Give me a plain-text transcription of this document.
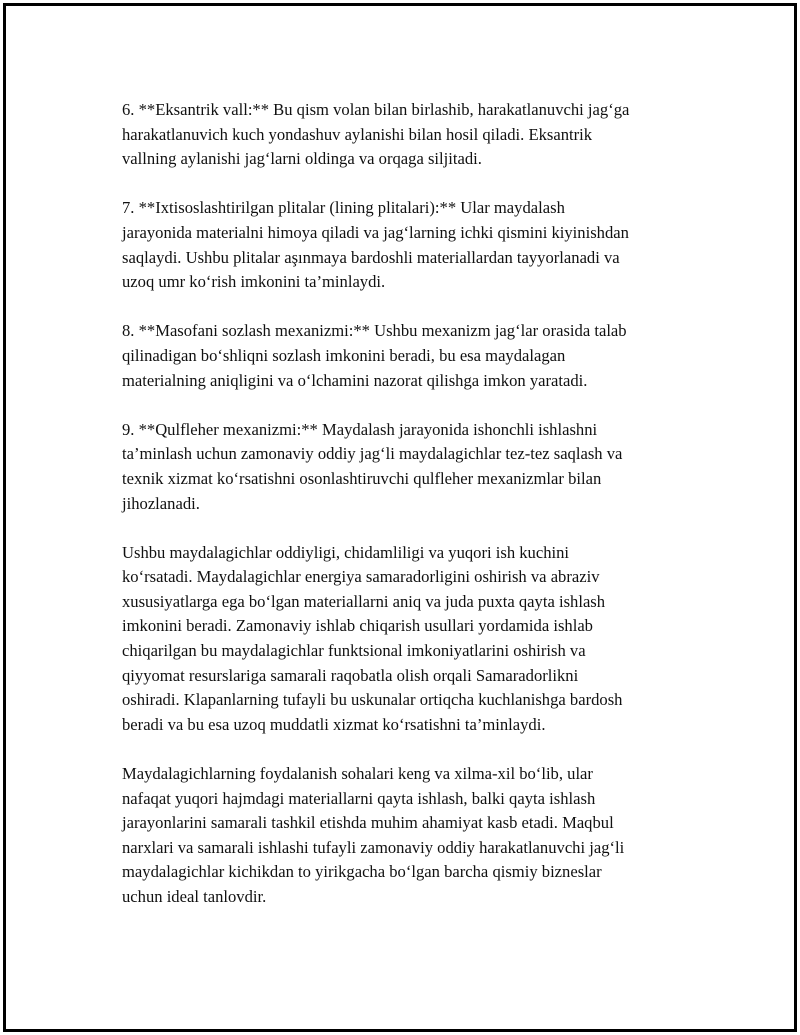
6. **Eksantrik vall:** Bu qism volan bilan birlashib, harakatlanuvchi jag‘ga
harakatlanuvich kuch yondashuv aylanishi bilan hosil qiladi. Eksantrik
vallning aylanishi jag‘larni oldinga va orqaga siljitadi.

7. **Ixtisoslashtirilgan plitalar (lining plitalari):** Ular maydalash
jarayonida materialni himoya qiladi va jag‘larning ichki qismini kiyinishdan
saqlaydi. Ushbu plitalar aşınmaya bardoshli materiallardan tayyorlanadi va
uzoq umr ko‘rish imkonini ta’minlaydi.

8. **Masofani sozlash mexanizmi:** Ushbu mexanizm jag‘lar orasida talab
qilinadigan bo‘shliqni sozlash imkonini beradi, bu esa maydalagan
materialning aniqligini va o‘lchamini nazorat qilishga imkon yaratadi.

9. **Qulfleher mexanizmi:** Maydalash jarayonida ishonchli ishlashni
ta’minlash uchun zamonaviy oddiy jag‘li maydalagichlar tez-tez saqlash va
texnik xizmat ko‘rsatishni osonlashtiruvchi qulfleher mexanizmlar bilan
jihozlanadi.

Ushbu maydalagichlar oddiyligi, chidamliligi va yuqori ish kuchini
ko‘rsatadi. Maydalagichlar energiya samaradorligini oshirish va abraziv
xususiyatlarga ega bo‘lgan materiallarni aniq va juda puxta qayta ishlash
imkonini beradi. Zamonaviy ishlab chiqarish usullari yordamida ishlab
chiqarilgan bu maydalagichlar funktsional imkoniyatlarini oshirish va
qiyyomat resurslariga samarali raqobatla olish orqali Samaradorlikni
oshiradi. Klapanlarning tufayli bu uskunalar ortiqcha kuchlanishga bardosh
beradi va bu esa uzoq muddatli xizmat ko‘rsatishni ta’minlaydi.

Maydalagichlarning foydalanish sohalari keng va xilma-xil bo‘lib, ular
nafaqat yuqori hajmdagi materiallarni qayta ishlash, balki qayta ishlash
jarayonlarini samarali tashkil etishda muhim ahamiyat kasb etadi. Maqbul
narxlari va samarali ishlashi tufayli zamonaviy oddiy harakatlanuvchi jag‘li
maydalagichlar kichikdan to yirikgacha bo‘lgan barcha qismiy bizneslar
uchun ideal tanlovdir.
